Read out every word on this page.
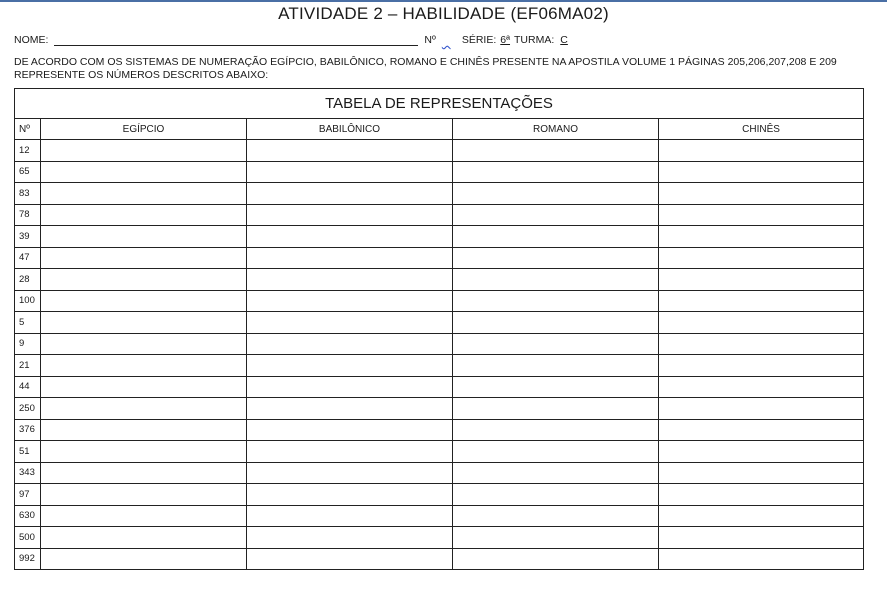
ATIVIDADE 2 – HABILIDADE (EF06MA02)
NOME:	Nº
SÉRIE: 6ª TURMA: C
DE ACORDO COM OS SISTEMAS DE NUMERAÇÃO EGÍPCIO, BABILÔNICO, ROMANO E CHINÊS PRESENTE NA APOSTILA VOLUME 1 PÁGINAS 205,206,207,208 E 209
REPRESENTE OS NÚMEROS DESCRITOS ABAIXO:
TABELA DE REPRESENTAÇÕES				
Nº	EGÍPCIO	BABILÔNICO	ROMANO	CHINÊS
12				
65				
83				
78				
39				
47				
28				
100				
5				
9				
21				
44				
250				
376				
51				
343				
97				
630				
500				
992				
